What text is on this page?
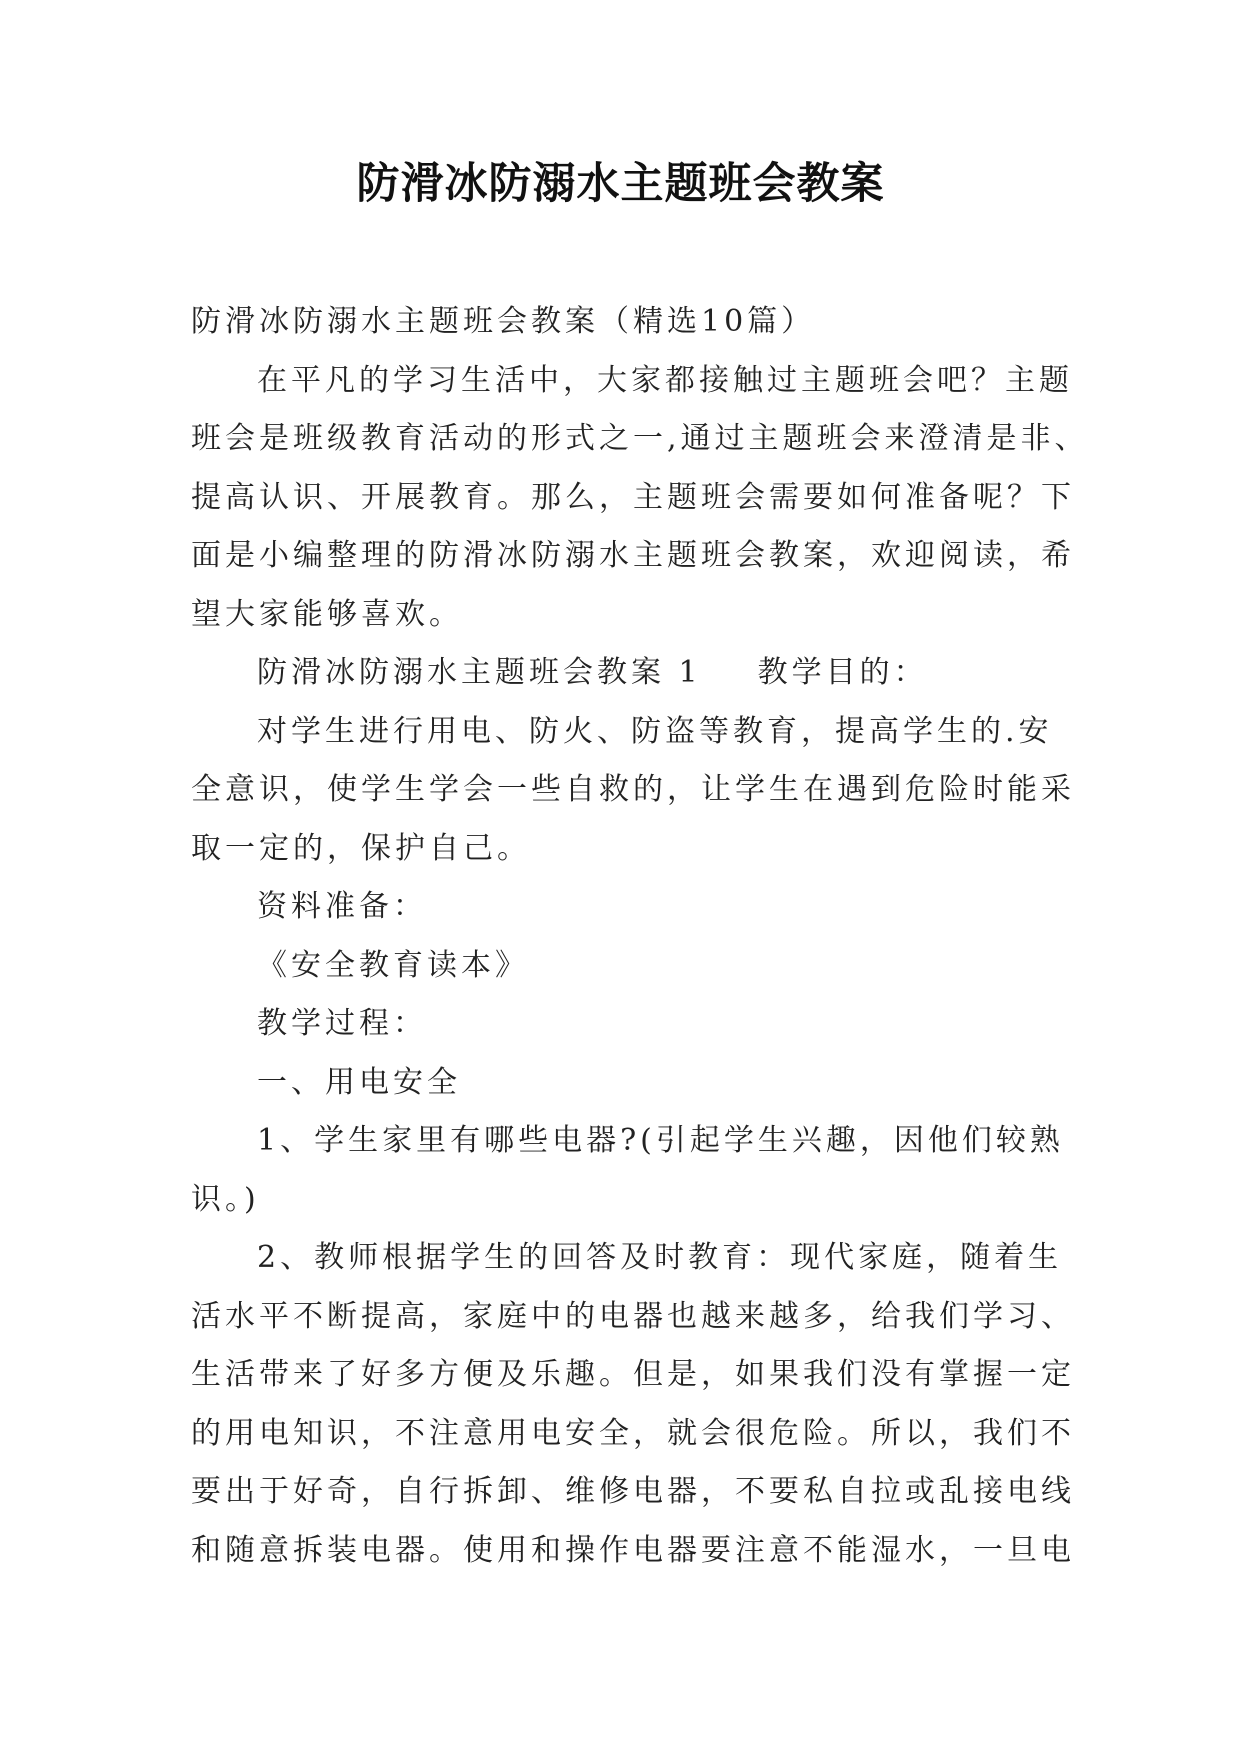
防滑冰防溺水主题班会教案

防滑冰防溺水主题班会教案（精选10篇）

在平凡的学习生活中，大家都接触过主题班会吧？主题

班会是班级教育活动的形式之一,通过主题班会来澄清是非、

提高认识、开展教育。那么，主题班会需要如何准备呢？下

面是小编整理的防滑冰防溺水主题班会教案，欢迎阅读，希

望大家能够喜欢。

防滑冰防溺水主题班会教案 1 教学目的：

对学生进行用电、防火、防盗等教育，提高学生的.安

全意识，使学生学会一些自救的，让学生在遇到危险时能采

取一定的，保护自己。

资料准备：

《安全教育读本》

教学过程：

一、用电安全

1、学生家里有哪些电器?(引起学生兴趣，因他们较熟

识。)

2、教师根据学生的回答及时教育：现代家庭，随着生

活水平不断提高，家庭中的电器也越来越多，给我们学习、

生活带来了好多方便及乐趣。但是，如果我们没有掌握一定

的用电知识，不注意用电安全，就会很危险。所以，我们不

要出于好奇，自行拆卸、维修电器，不要私自拉或乱接电线

和随意拆装电器。使用和操作电器要注意不能湿水，一旦电
